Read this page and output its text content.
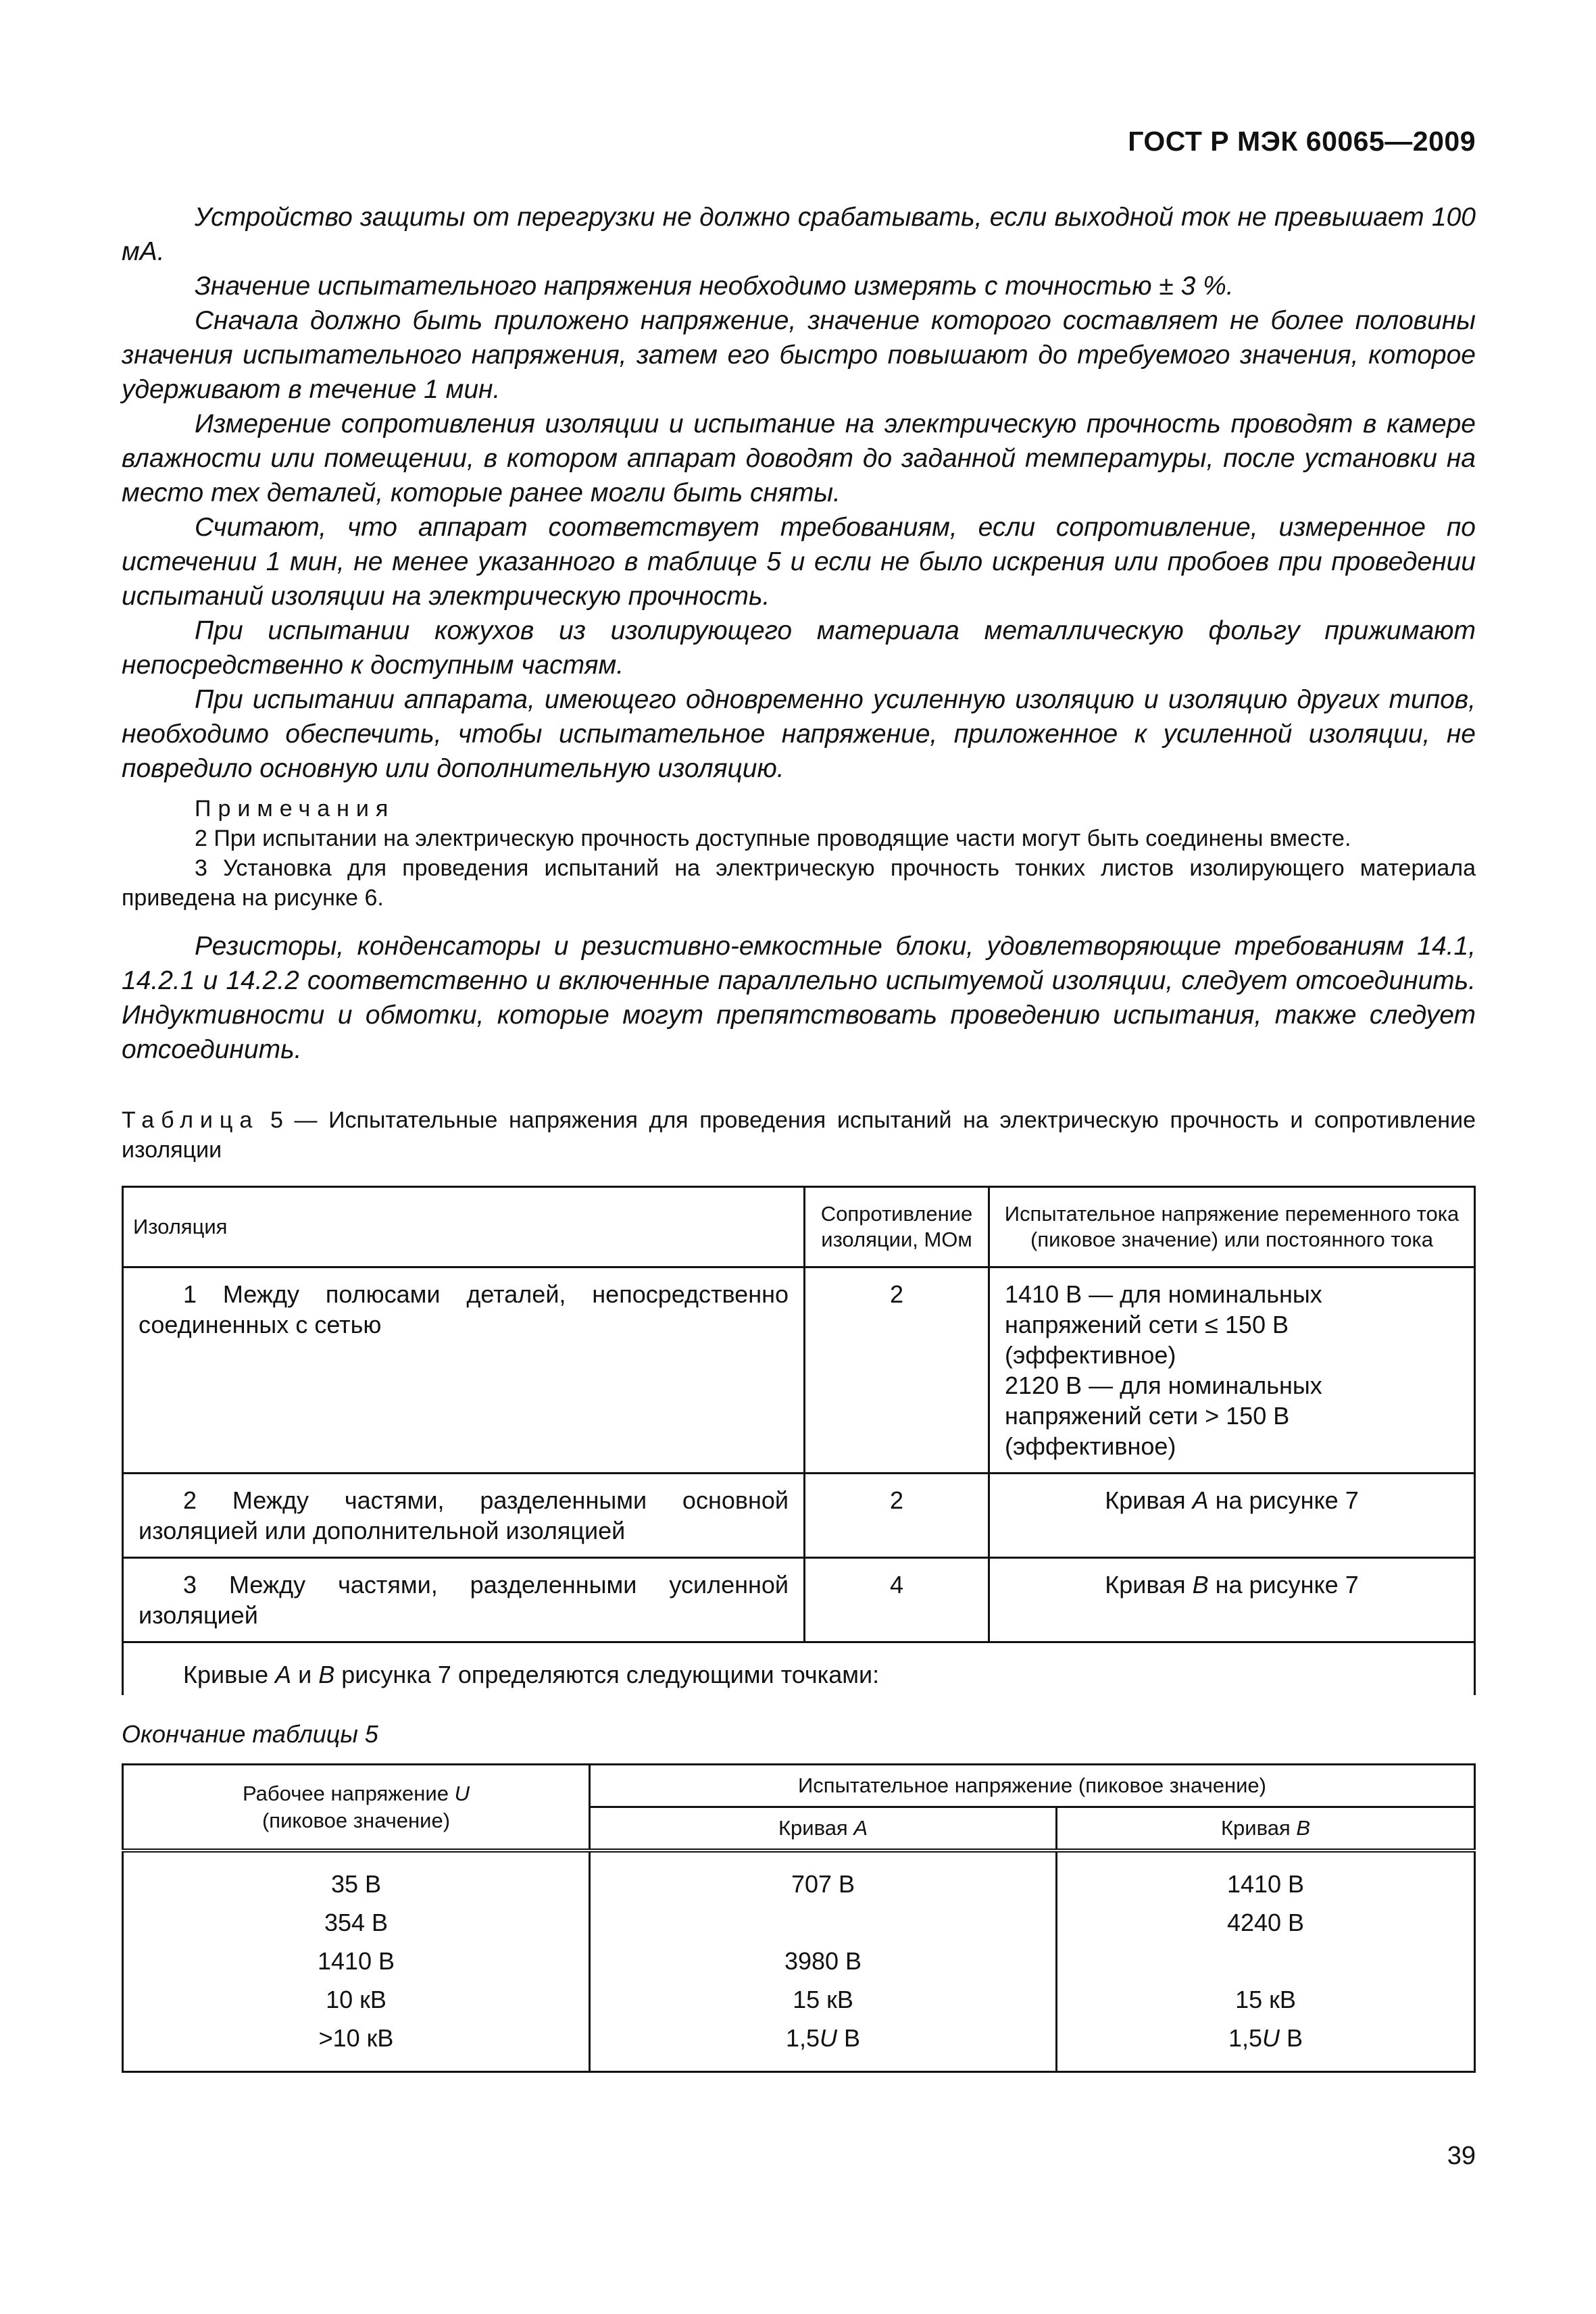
ГОСТ Р МЭК 60065—2009

Устройство защиты от перегрузки не должно срабатывать, если выходной ток не превышает 100 мА.

Значение испытательного напряжения необходимо измерять с точностью ± 3 %.

Сначала должно быть приложено напряжение, значение которого составляет не более половины значения испытательного напряжения, затем его быстро повышают до требуемого значения, которое удерживают в течение 1 мин.

Измерение сопротивления изоляции и испытание на электрическую прочность проводят в камере влажности или помещении, в котором аппарат доводят до заданной температуры, после установки на место тех деталей, которые ранее могли быть сняты.

Считают, что аппарат соответствует требованиям, если сопротивление, измеренное по истечении 1 мин, не менее указанного в таблице 5 и если не было искрения или пробоев при проведении испытаний изоляции на электрическую прочность.

При испытании кожухов из изолирующего материала металлическую фольгу прижимают непосредственно к доступным частям.

При испытании аппарата, имеющего одновременно усиленную изоляцию и изоляцию других типов, необходимо обеспечить, чтобы испытательное напряжение, приложенное к усиленной изоляции, не повредило основную или дополнительную изоляцию.

Примечания

2 При испытании на электрическую прочность доступные проводящие части могут быть соединены вместе.

3 Установка для проведения испытаний на электрическую прочность тонких листов изолирующего материала приведена на рисунке 6.

Резисторы, конденсаторы и резистивно-емкостные блоки, удовлетворяющие требованиям 14.1, 14.2.1 и 14.2.2 соответственно и включенные параллельно испытуемой изоляции, следует отсоединить. Индуктивности и обмотки, которые могут препятствовать проведению испытания, также следует отсоединить.

Таблица 5 — Испытательные напряжения для проведения испытаний на электрическую прочность и сопротивление изоляции
Изоляция	Сопротивление изоляции, МОм	Испытательное напряжение переменного тока (пиковое значение) или постоянного тока
1 Между полюсами деталей, непосредственно соединенных с сетью	2	1410 В — для номинальных напряжений сети ≤ 150 В (эффективное)
2120 В — для номинальных напряжений сети > 150 В (эффективное)

2 Между частями, разделенными основной изоляцией или дополнительной изоляцией	2	Кривая A на рисунке 7
3 Между частями, разделенными усиленной изоляцией	4	Кривая B на рисунке 7
Кривые A и B рисунка 7 определяются следующими точками:		
Окончание таблицы 5
Рабочее напряжение U
(пиковое значение)	Испытательное напряжение (пиковое значение)	
	Кривая A	Кривая B

35 В	707 В	1410 В
354 В		4240 В
1410 В	3980 В	
10 кВ	15 кВ	15 кВ
>10 кВ	1,5U В	1,5U В

39
